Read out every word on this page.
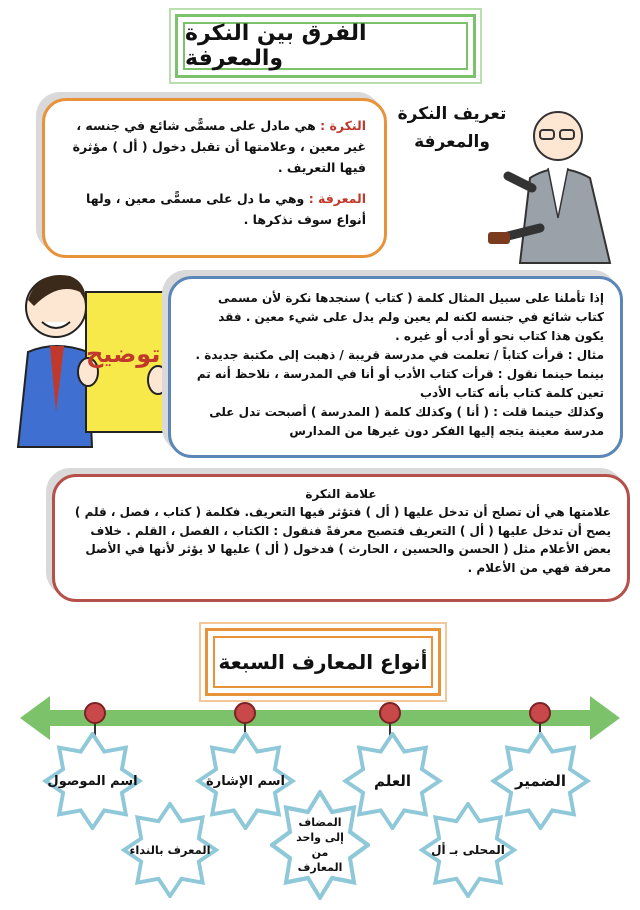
الفرق بين النكرة والمعرفة
النكرة : هي مادل على مسمًّى شائع في جنسه ، غير معين ، وعلامتها أن تقبل دخول ( أل ) مؤثرة فيها التعريف .
المعرفة : وهي ما دل على مسمًّى معين ، ولها أنواع سوف نذكرها .
تعريف النكرة والمعرفة
توضيح
إذا تأملنا على سبيل المثال كلمة ( كتاب ) سنجدها نكرة لأن مسمى كتاب شائع في جنسه لكنه لم يعين ولم يدل على شيء معين . فقد يكون هذا كتاب نحو أو أدب أو غيره .
مثال : قرأت كتاباً / تعلمت في مدرسة قريبة / ذهبت إلى مكتبة جديدة .
بينما حينما نقول : قرأت كتاب الأدب أو أنا في المدرسة ، نلاحظ أنه تم تعين كلمة كتاب بأنه كتاب الأدب
وكذلك حينما قلت : ( أنا ) وكذلك كلمة ( المدرسة ) أصبحت تدل على مدرسة معينة يتجه إليها الفكر دون غيرها من المدارس
علامة النكرة
علامتها هي أن تصلح أن تدخل عليها ( أل ) فتؤثر فيها التعريف. فكلمة ( كتاب ، فصل ، قلم ) يصح أن تدخل عليها ( أل ) التعريف فتصبح معرفةً فنقول : الكتاب ، الفصل ، القلم . خلاف بعض الأعلام مثل ( الحسن والحسين ، الحارث ) فدخول ( أل ) عليها لا يؤثر لأنها في الأصل معرفة فهي من الأعلام .
أنواع المعارف السبعة
الضمير
العلم
اسم الإشارة
اسم الموصول
المحلى بـ أل
المضاف إلى واحد من المعارف
المعرف بالنداء
